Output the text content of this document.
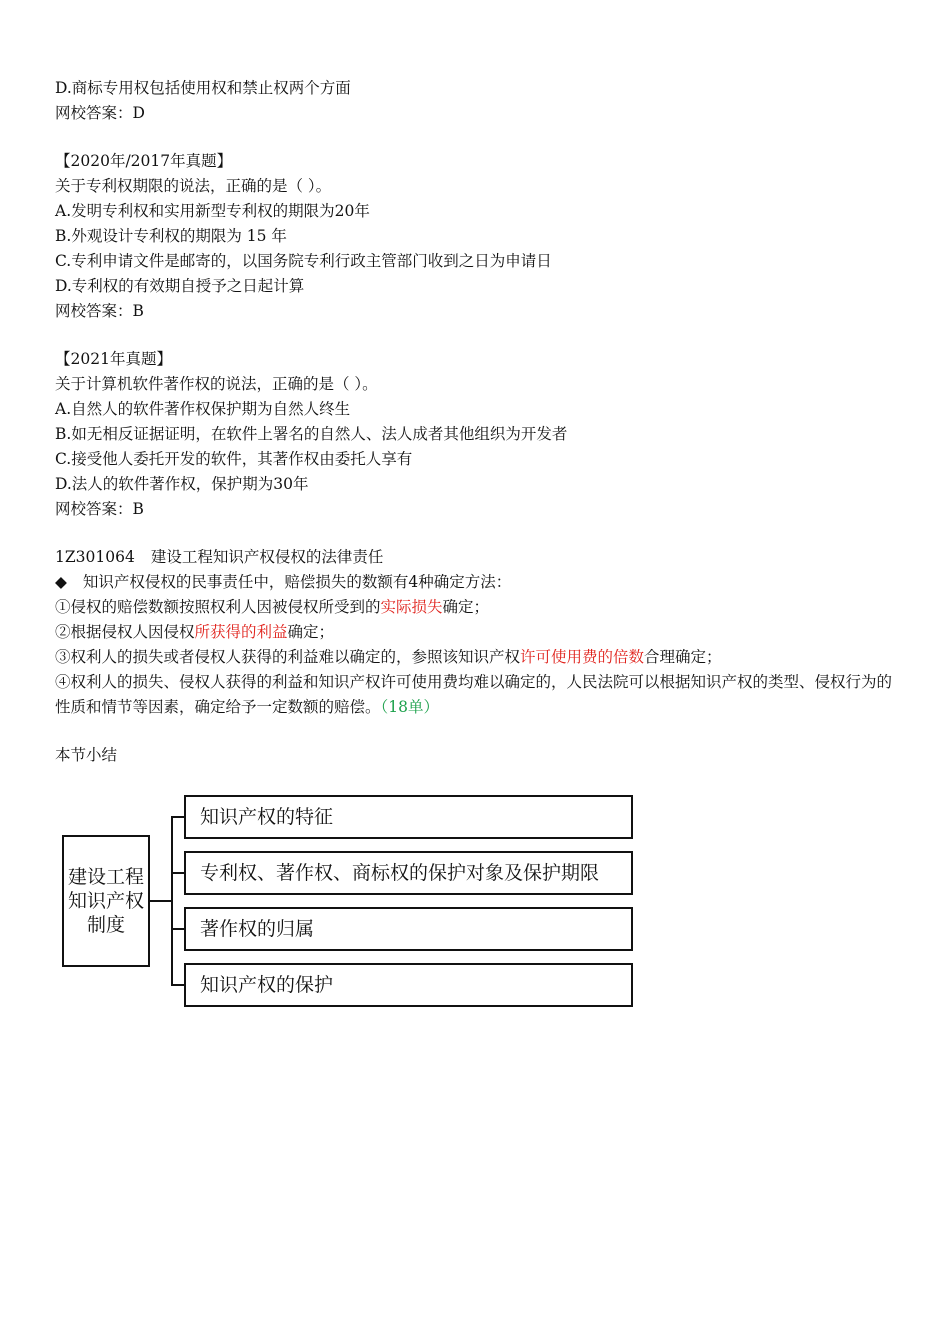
D.商标专用权包括使用权和禁止权两个方面
网校答案：D
【2020年/2017年真题】
关于专利权期限的说法，正确的是（ ）。
A.发明专利权和实用新型专利权的期限为20年
B.外观设计专利权的期限为 15 年
C.专利申请文件是邮寄的，以国务院专利行政主管部门收到之日为申请日
D.专利权的有效期自授予之日起计算
网校答案：B
【2021年真题】
关于计算机软件著作权的说法，正确的是（ ）。
A.自然人的软件著作权保护期为自然人终生
B.如无相反证据证明，在软件上署名的自然人、法人成者其他组织为开发者
C.接受他人委托开发的软件，其著作权由委托人享有
D.法人的软件著作权，保护期为30年
网校答案：B
1Z301064 建设工程知识产权侵权的法律责任
◆ 知识产权侵权的民事责任中，赔偿损失的数额有4种确定方法：
①侵权的赔偿数额按照权利人因被侵权所受到的实际损失确定；
②根据侵权人因侵权所获得的利益确定；
③权利人的损失或者侵权人获得的利益难以确定的，参照该知识产权许可使用费的倍数合理确定；
④权利人的损失、侵权人获得的利益和知识产权许可使用费均难以确定的，人民法院可以根据知识产权的类型、侵权行为的性质和情节等因素，确定给予一定数额的赔偿。（18单）
本节小结
建设工程
知识产权
制度
知识产权的特征
专利权、著作权、商标权的保护对象及保护期限
著作权的归属
知识产权的保护
